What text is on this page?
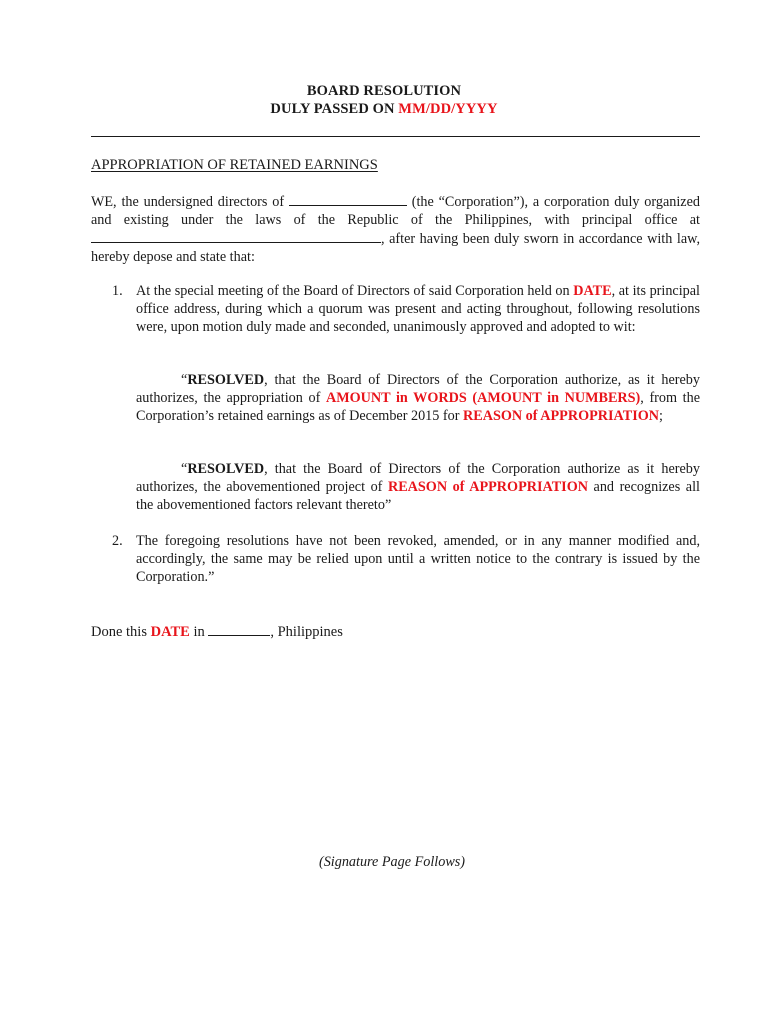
BOARD RESOLUTION
DULY PASSED ON MM/DD/YYYY
APPROPRIATION OF RETAINED EARNINGS
WE, the undersigned directors of	(the “Corporation”), a corporation duly organized and existing under the laws of the Republic of the Philippines, with principal office at , after having been duly sworn in accordance with law, hereby depose and state that:
1. At the special meeting of the Board of Directors of said Corporation held on DATE, at its principal office address, during which a quorum was present and acting throughout, following resolutions were, upon motion duly made and seconded, unanimously approved and adopted to wit:
“RESOLVED, that the Board of Directors of the Corporation authorize, as it hereby authorizes, the appropriation of AMOUNT in WORDS (AMOUNT in NUMBERS), from the Corporation’s retained earnings as of December 2015 for REASON of APPROPRIATION;
“RESOLVED, that the Board of Directors of the Corporation authorize as it hereby authorizes, the abovementioned project of REASON of APPROPRIATION and recognizes all the abovementioned factors relevant thereto”
2. The foregoing resolutions have not been revoked, amended, or in any manner modified and, accordingly, the same may be relied upon until a written notice to the contrary is issued by the Corporation.”
Done this DATE in	, Philippines
(Signature Page Follows)
